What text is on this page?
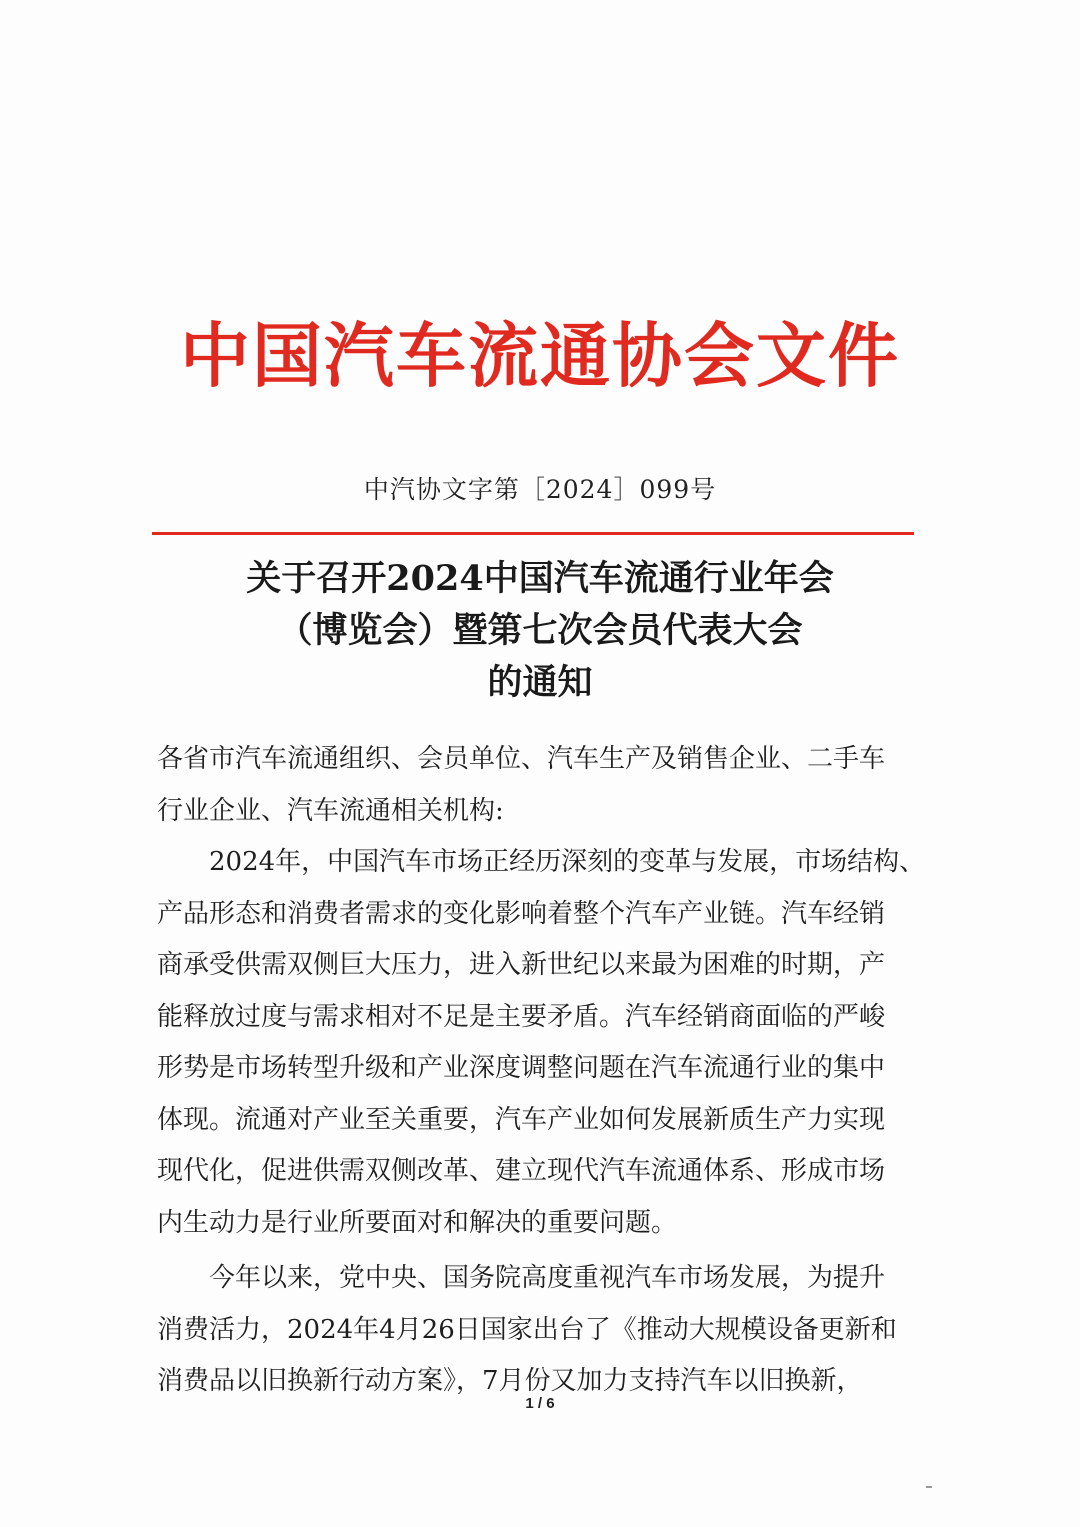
中国汽车流通协会文件
中汽协文字第［2024］099号
关于召开2024中国汽车流通行业年会
（博览会）暨第七次会员代表大会
的通知
各省市汽车流通组织、会员单位、汽车生产及销售企业、二手车
行业企业、汽车流通相关机构:
2024年，中国汽车市场正经历深刻的变革与发展，市场结构、
产品形态和消费者需求的变化影响着整个汽车产业链。汽车经销
商承受供需双侧巨大压力，进入新世纪以来最为困难的时期，产
能释放过度与需求相对不足是主要矛盾。汽车经销商面临的严峻
形势是市场转型升级和产业深度调整问题在汽车流通行业的集中
体现。流通对产业至关重要，汽车产业如何发展新质生产力实现
现代化，促进供需双侧改革、建立现代汽车流通体系、形成市场
内生动力是行业所要面对和解决的重要问题。
今年以来，党中央、国务院高度重视汽车市场发展，为提升
消费活力，2024年4月26日国家出台了《推动大规模设备更新和
消费品以旧换新行动方案》，7月份又加力支持汽车以旧换新，
1 / 6
